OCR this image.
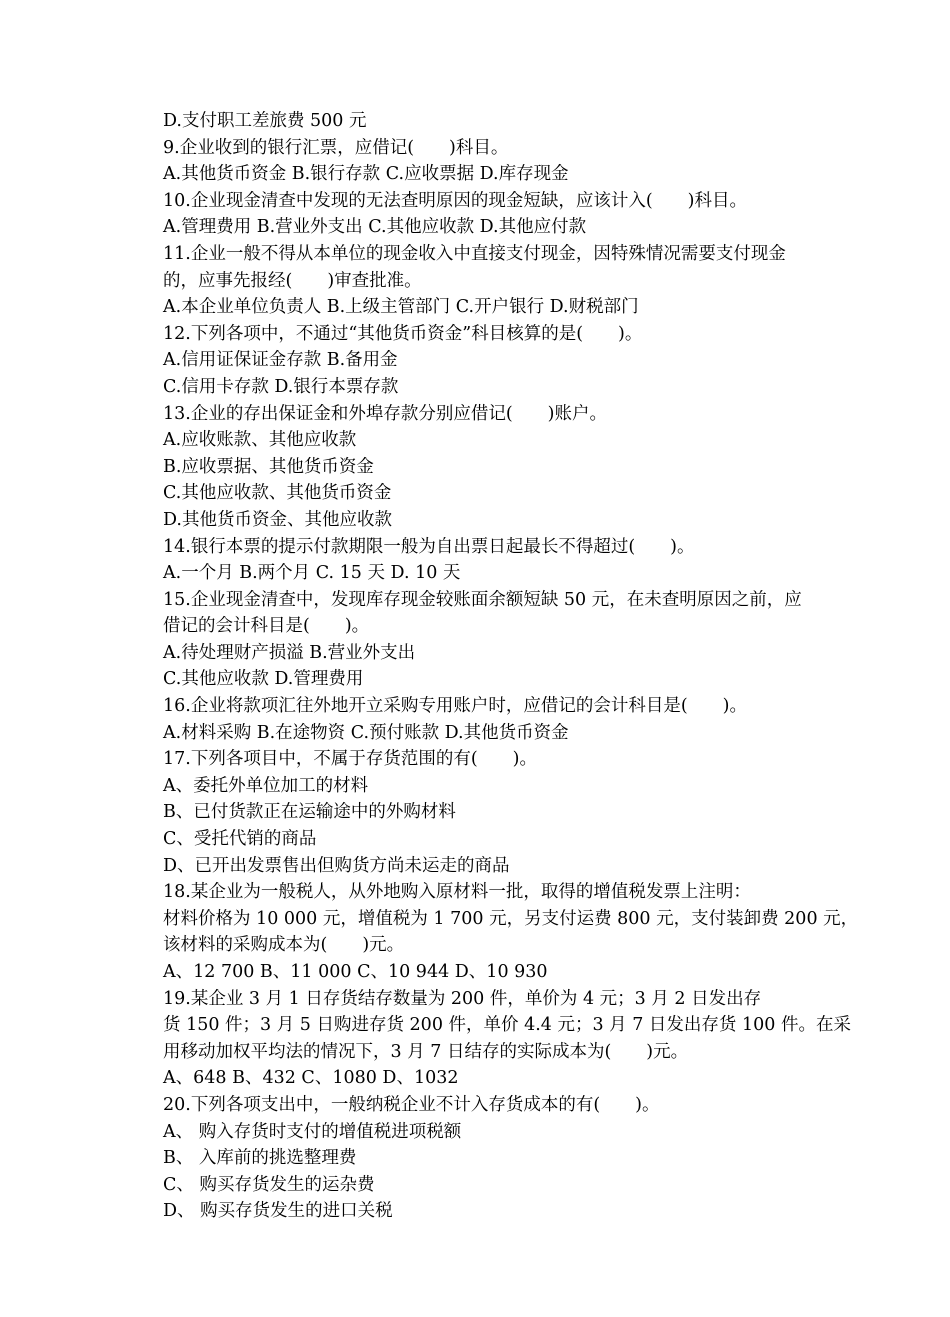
D.支付职工差旅费 500 元
9.企业收到的银行汇票，应借记(　　)科目。
A.其他货币资金 B.银行存款 C.应收票据 D.库存现金
10.企业现金清查中发现的无法查明原因的现金短缺，应该计入(　　)科目。
A.管理费用 B.营业外支出 C.其他应收款 D.其他应付款
11.企业一般不得从本单位的现金收入中直接支付现金，因特殊情况需要支付现金
的，应事先报经(　　)审查批准。
A.本企业单位负责人 B.上级主管部门 C.开户银行 D.财税部门
12.下列各项中，不通过“其他货币资金”科目核算的是(　　)。
A.信用证保证金存款 B.备用金
C.信用卡存款 D.银行本票存款
13.企业的存出保证金和外埠存款分别应借记(　　)账户。
A.应收账款、其他应收款
B.应收票据、其他货币资金
C.其他应收款、其他货币资金
D.其他货币资金、其他应收款
14.银行本票的提示付款期限一般为自出票日起最长不得超过(　　)。
A.一个月 B.两个月 C. 15 天 D. 10 天
15.企业现金清查中，发现库存现金较账面余额短缺 50 元，在未查明原因之前，应
借记的会计科目是(　　)。
A.待处理财产损溢 B.营业外支出
C.其他应收款 D.管理费用
16.企业将款项汇往外地开立采购专用账户时，应借记的会计科目是(　　)。
A.材料采购 B.在途物资 C.预付账款 D.其他货币资金
17.下列各项目中，不属于存货范围的有(　　)。
A、委托外单位加工的材料
B、已付货款正在运输途中的外购材料
C、受托代销的商品
D、已开出发票售出但购货方尚未运走的商品
18.某企业为一般税人，从外地购入原材料一批，取得的增值税发票上注明：
材料价格为 10 000 元，增值税为 1 700 元，另支付运费 800 元，支付装卸费 200 元，
该材料的采购成本为(　　)元。
A、12 700 B、11 000 C、10 944 D、10 930
19.某企业 3 月 1 日存货结存数量为 200 件，单价为 4 元；3 月 2 日发出存
货 150 件；3 月 5 日购进存货 200 件，单价 4.4 元；3 月 7 日发出存货 100 件。在采
用移动加权平均法的情况下，3 月 7 日结存的实际成本为(　　)元。
A、648 B、432 C、1080 D、1032
20.下列各项支出中，一般纳税企业不计入存货成本的有(　　)。
A、 购入存货时支付的增值税进项税额
B、 入库前的挑选整理费
C、 购买存货发生的运杂费
D、 购买存货发生的进口关税
